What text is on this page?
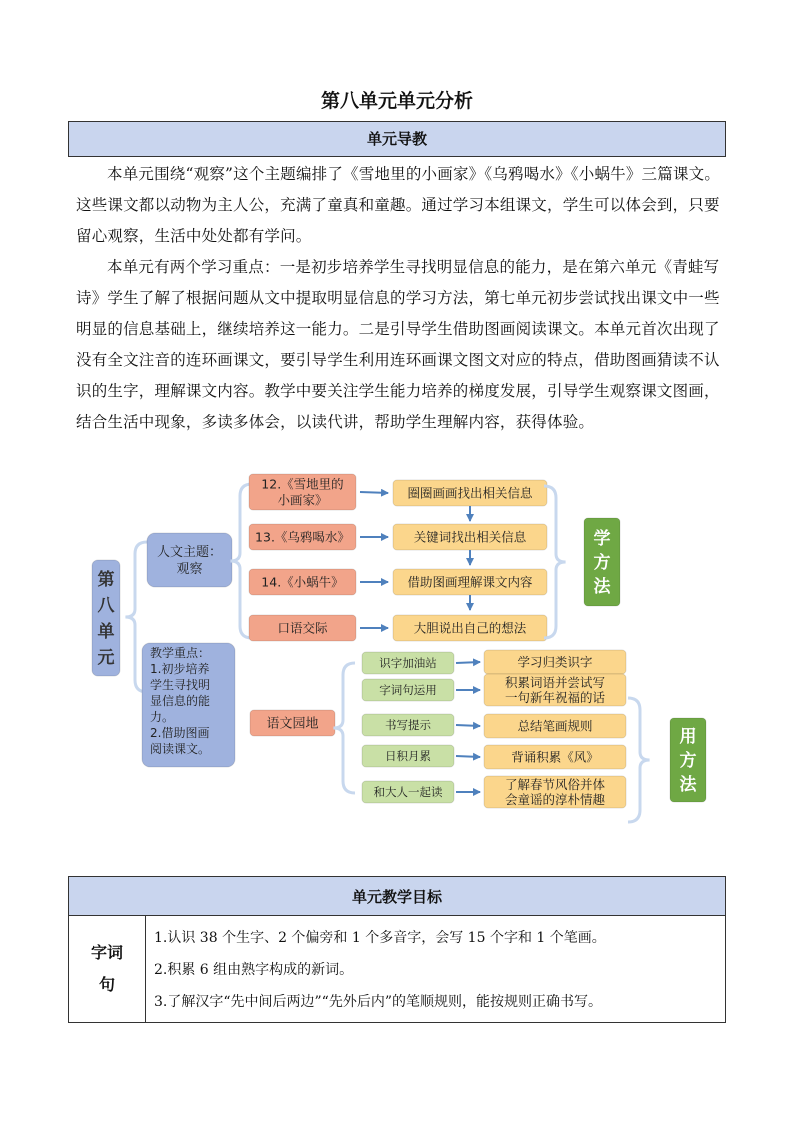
第八单元单元分析
单元导教

本单元围绕“观察”这个主题编排了《雪地里的小画家》《乌鸦喝水》《小蜗牛》三篇课文。这些课文都以动物为主人公，充满了童真和童趣。通过学习本组课文，学生可以体会到，只要留心观察，生活中处处都有学问。

本单元有两个学习重点：一是初步培养学生寻找明显信息的能力，是在第六单元《青蛙写诗》学生了解了根据问题从文中提取明显信息的学习方法，第七单元初步尝试找出课文中一些明显的信息基础上，继续培养这一能力。二是引导学生借助图画阅读课文。本单元首次出现了没有全文注音的连环画课文，要引导学生利用连环画课文图文对应的特点，借助图画猜读不认识的生字，理解课文内容。教学中要关注学生能力培养的梯度发展，引导学生观察课文图画，结合生活中现象，多读多体会，以读代讲，帮助学生理解内容，获得体验。

第
八
单
元
人文主题：
观察
教学重点：
1.初步培养
学生寻找明
显信息的能
力。
2.借助图画
阅读课文。
12.《雪地里的
小画家》	圈圈画画找出相关信息
13.《乌鸦喝水》	关键词找出相关信息
14.《小蜗牛》	借助图画理解课文内容
口语交际	大胆说出自己的想法
学
方
法
语文园地
识字加油站	学习归类识字
字词句运用
积累词语并尝试写
一句新年祝福的话
书写提示	总结笔画规则
日积月累	背诵积累《风》
和大人一起读
了解春节风俗并体
会童谣的淳朴情趣
用
方
法
单元教学目标

字词
句

1.认识 38 个生字、2 个偏旁和 1 个多音字，会写 15 个字和 1 个笔画。
2.积累 6 组由熟字构成的新词。
3.了解汉字“先中间后两边”“先外后内”的笔顺规则，能按规则正确书写。
